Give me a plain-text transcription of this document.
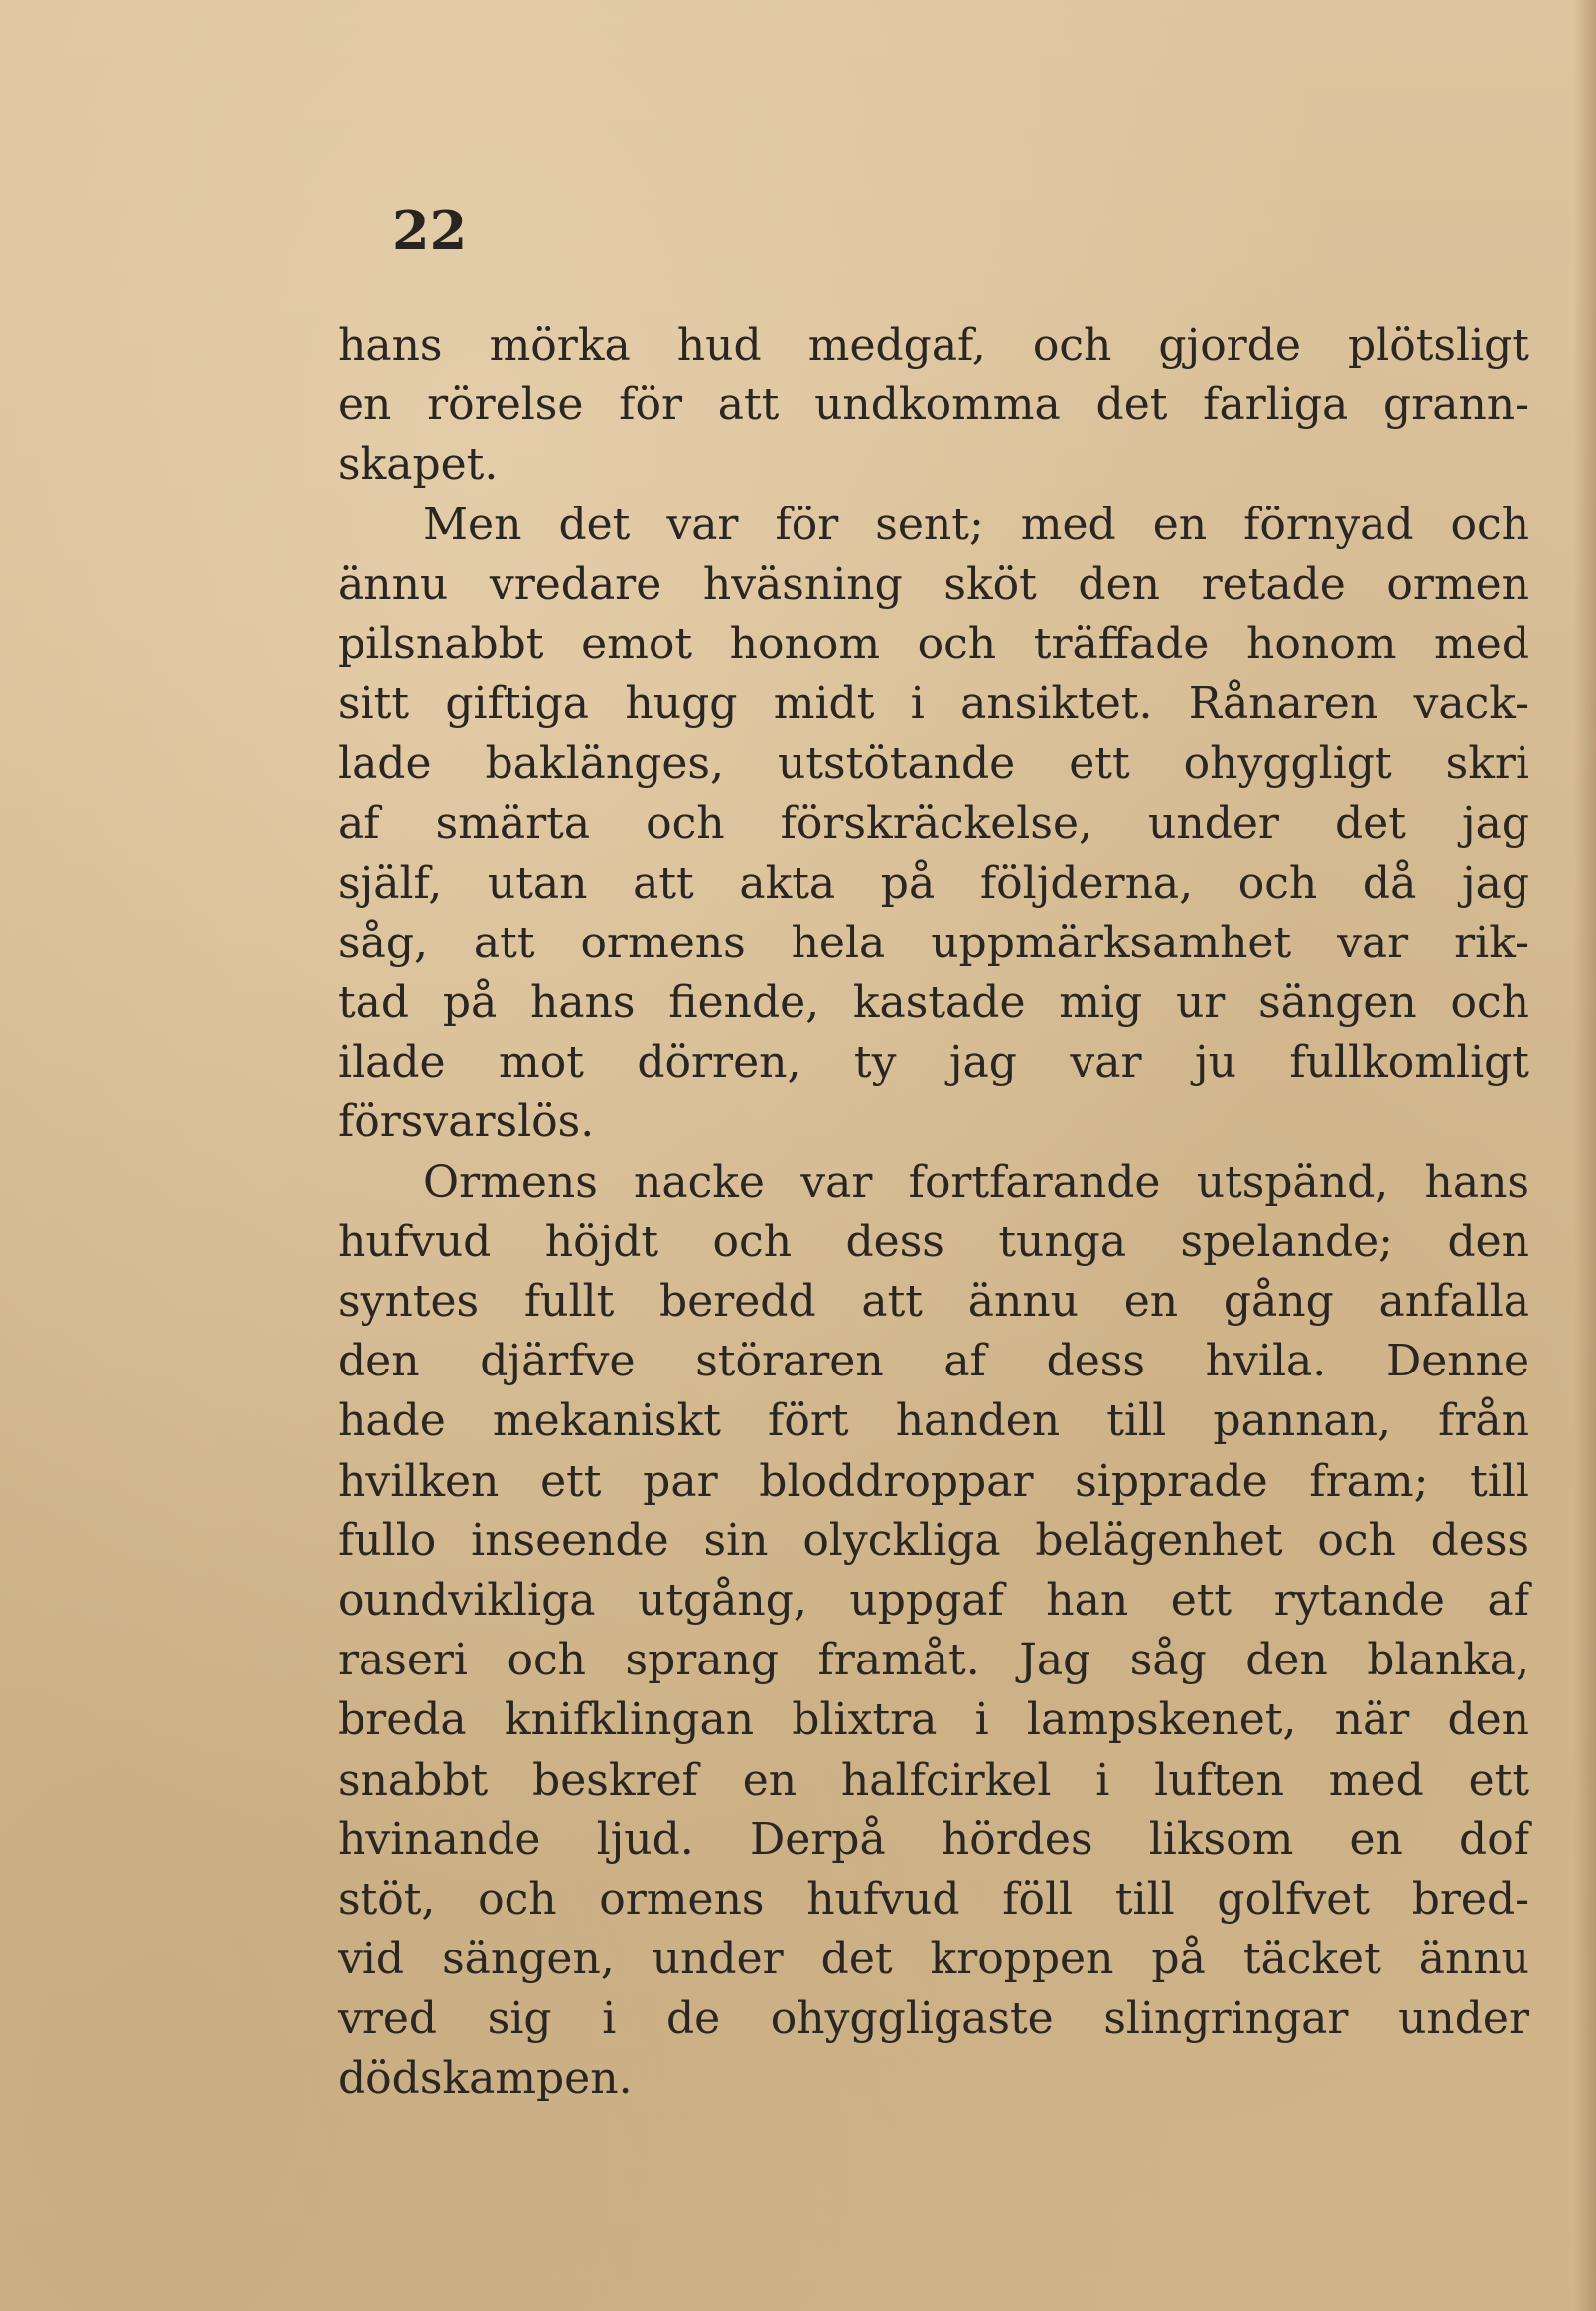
22

hans mörka hud medgaf, och gjorde plötsligt
en rörelse för att undkomma det farliga grann-
skapet.
Men det var för sent; med en förnyad och
ännu vredare hväsning sköt den retade ormen
pilsnabbt emot honom och träffade honom med
sitt giftiga hugg midt i ansiktet. Rånaren vack-
lade baklänges, utstötande ett ohyggligt skri
af smärta och förskräckelse, under det jag
själf, utan att akta på följderna, och då jag
såg, att ormens hela uppmärksamhet var rik-
tad på hans fiende, kastade mig ur sängen och
ilade mot dörren, ty jag var ju fullkomligt
försvarslös.
Ormens nacke var fortfarande utspänd, hans
hufvud höjdt och dess tunga spelande; den
syntes fullt beredd att ännu en gång anfalla
den djärfve störaren af dess hvila. Denne
hade mekaniskt fört handen till pannan, från
hvilken ett par bloddroppar sipprade fram; till
fullo inseende sin olyckliga belägenhet och dess
oundvikliga utgång, uppgaf han ett rytande af
raseri och sprang framåt. Jag såg den blanka,
breda knifklingan blixtra i lampskenet, när den
snabbt beskref en halfcirkel i luften med ett
hvinande ljud. Derpå hördes liksom en dof
stöt, och ormens hufvud föll till golfvet bred-
vid sängen, under det kroppen på täcket ännu
vred sig i de ohyggligaste slingringar under
dödskampen.
